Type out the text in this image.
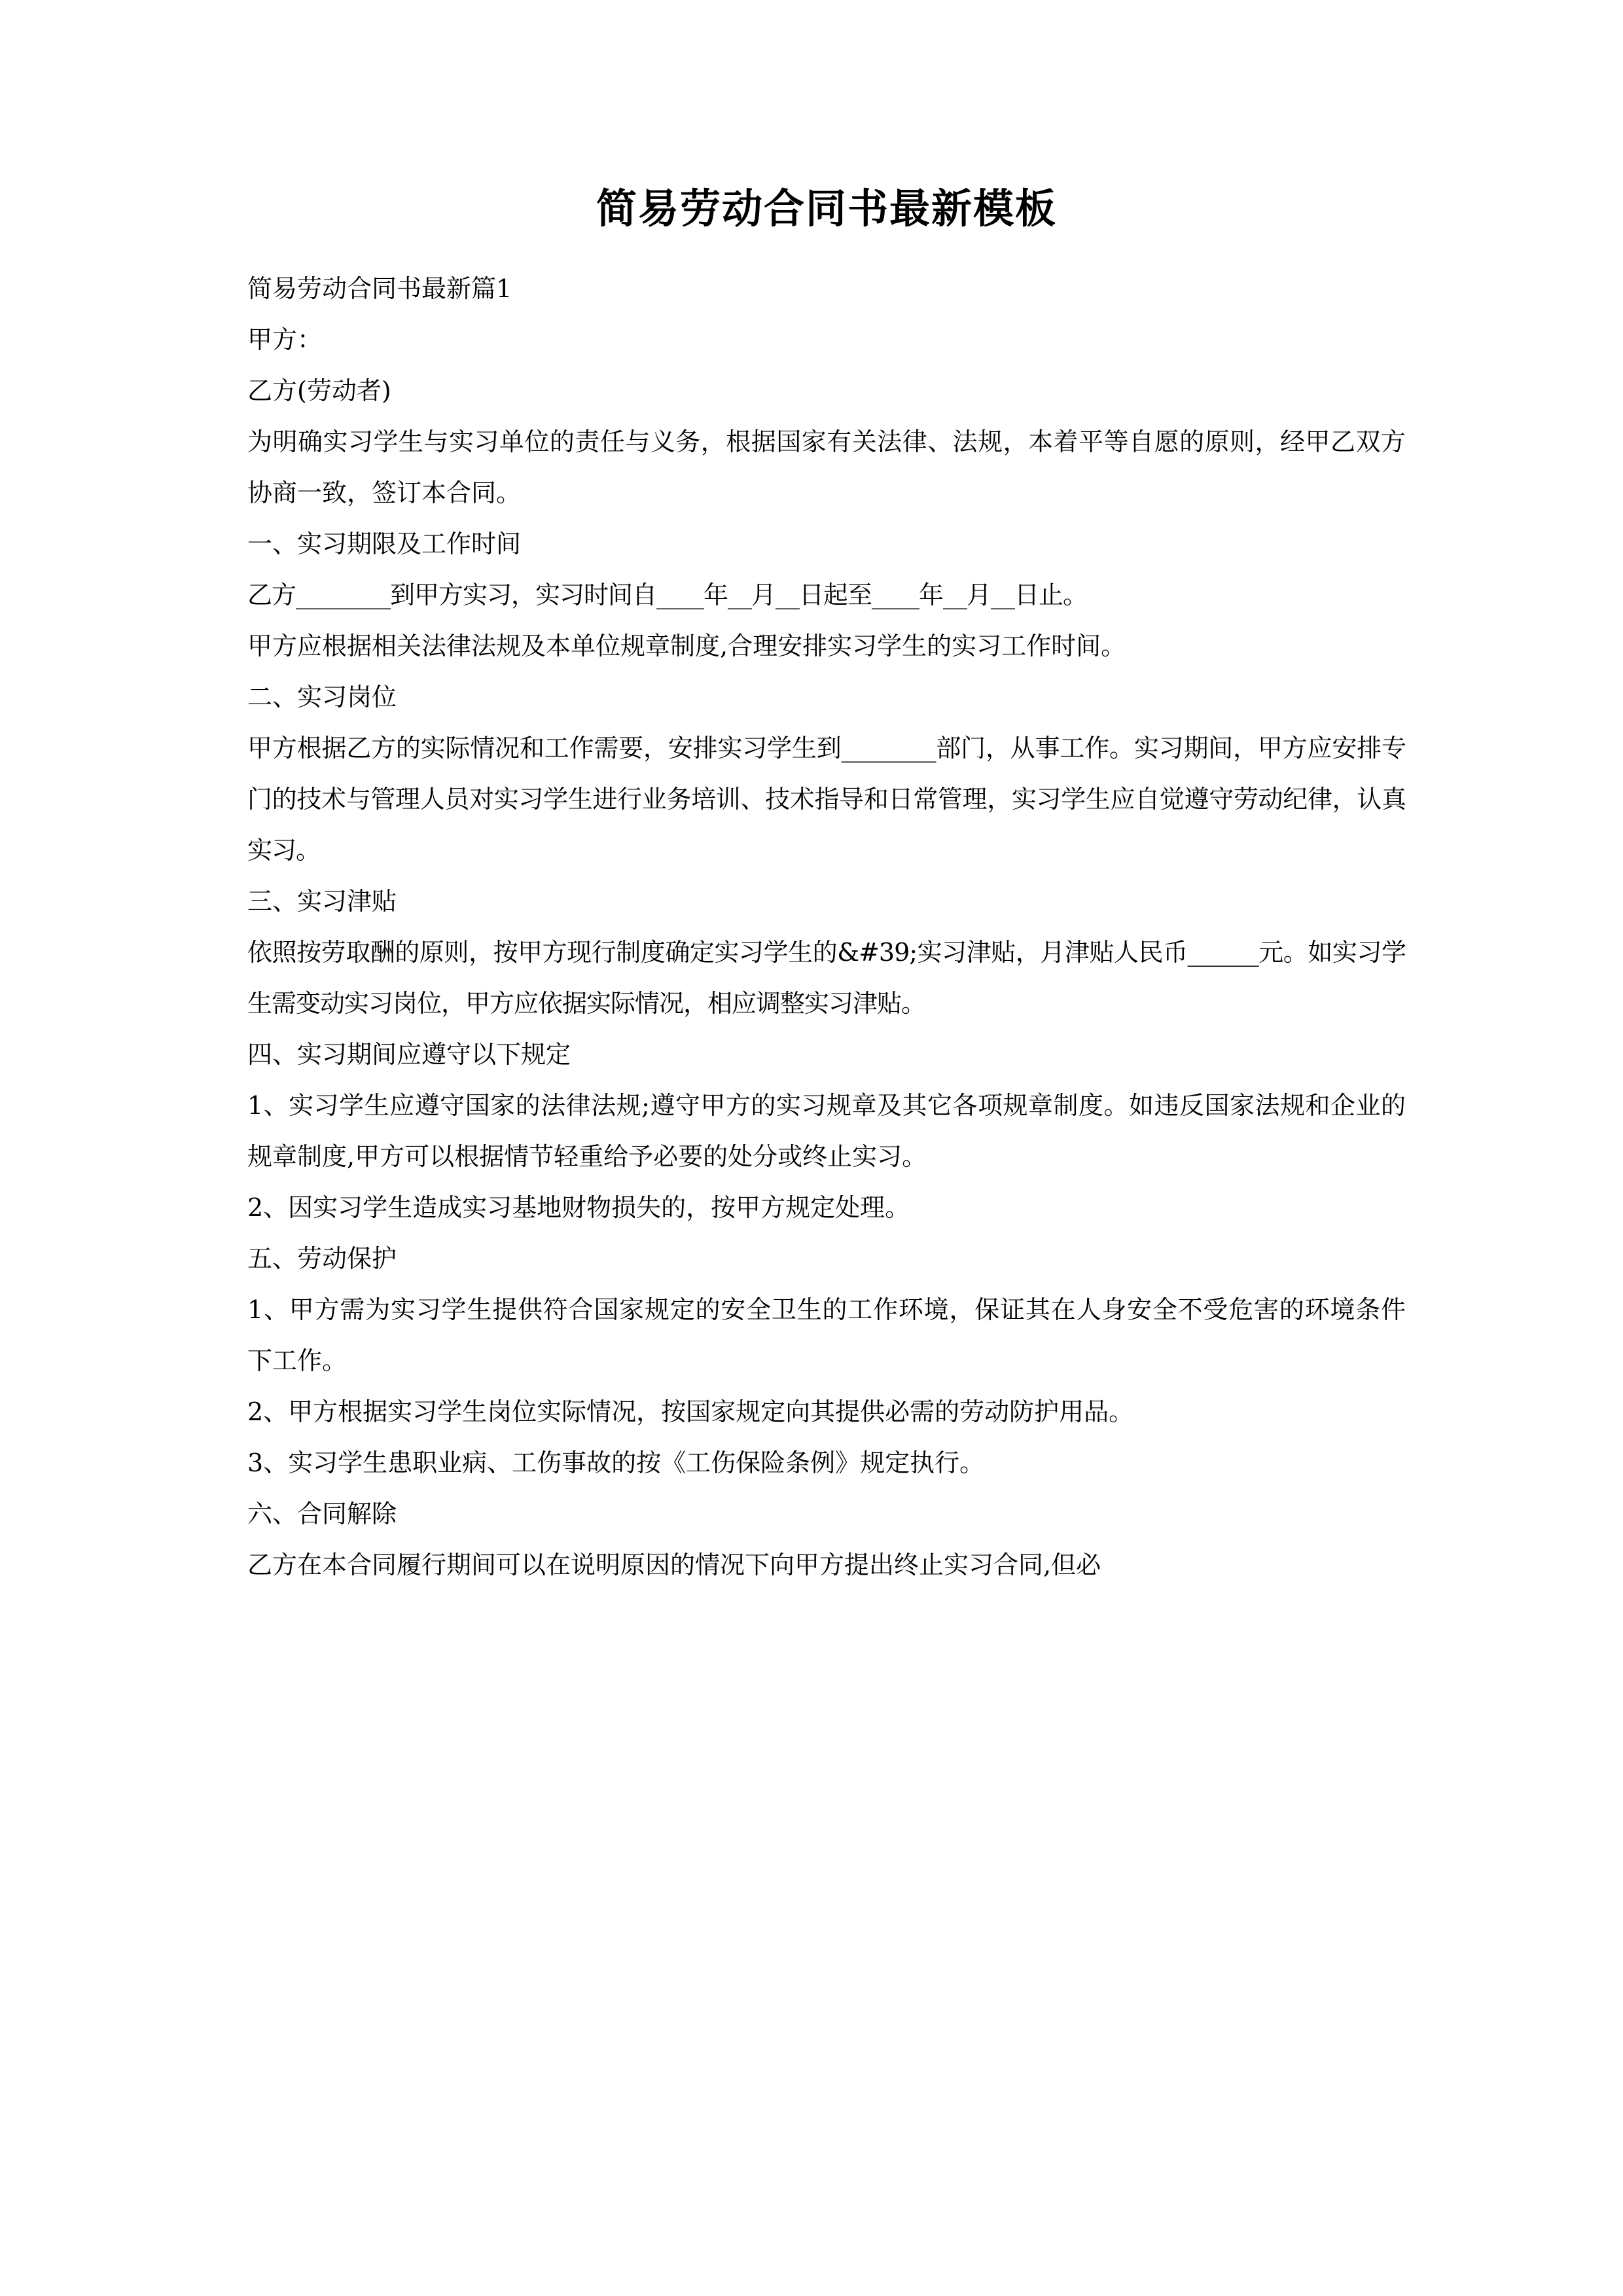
简易劳动合同书最新模板

简易劳动合同书最新篇1

甲方：

乙方(劳动者)

为明确实习学生与实习单位的责任与义务，根据国家有关法律、法规，本着平等自愿的原则，经甲乙双方协商一致，签订本合同。

一、实习期限及工作时间

乙方________到甲方实习，实习时间自____年__月__日起至____年__月__日止。

甲方应根据相关法律法规及本单位规章制度,合理安排实习学生的实习工作时间。

二、实习岗位

甲方根据乙方的实际情况和工作需要，安排实习学生到________部门，从事工作。实习期间，甲方应安排专门的技术与管理人员对实习学生进行业务培训、技术指导和日常管理，实习学生应自觉遵守劳动纪律，认真实习。

三、实习津贴

依照按劳取酬的原则，按甲方现行制度确定实习学生的&#39;实习津贴，月津贴人民币______元。如实习学生需变动实习岗位，甲方应依据实际情况，相应调整实习津贴。

四、实习期间应遵守以下规定

1、实习学生应遵守国家的法律法规;遵守甲方的实习规章及其它各项规章制度。如违反国家法规和企业的规章制度,甲方可以根据情节轻重给予必要的处分或终止实习。

2、因实习学生造成实习基地财物损失的，按甲方规定处理。

五、劳动保护

1、甲方需为实习学生提供符合国家规定的安全卫生的工作环境，保证其在人身安全不受危害的环境条件下工作。

2、甲方根据实习学生岗位实际情况，按国家规定向其提供必需的劳动防护用品。

3、实习学生患职业病、工伤事故的按《工伤保险条例》规定执行。

六、合同解除

乙方在本合同履行期间可以在说明原因的情况下向甲方提出终止实习合同,但必
